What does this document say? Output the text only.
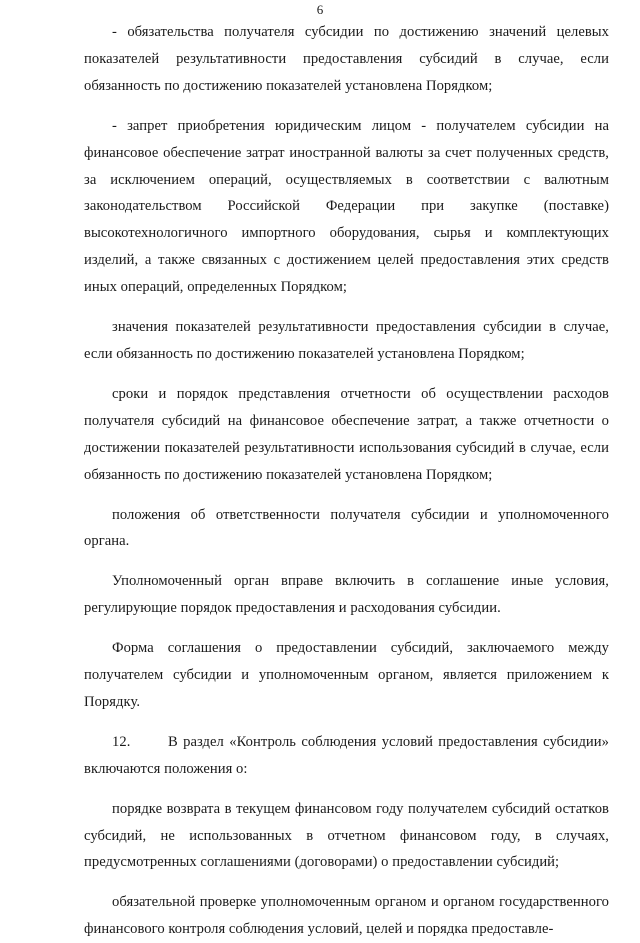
6

- обязательства получателя субсидии по достижению значений целевых показателей результативности предоставления субсидий в случае, если обязанность по достижению показателей установлена Порядком;

- запрет приобретения юридическим лицом - получателем субсидии на финансовое обеспечение затрат иностранной валюты за счет полученных средств, за исключением операций, осуществляемых в соответствии с валютным законодательством Российской Федерации при закупке (поставке) высокотехнологичного импортного оборудования, сырья и комплектующих изделий, а также связанных с достижением целей предоставления этих средств иных операций, определенных Порядком;

значения показателей результативности предоставления субсидии в случае, если обязанность по достижению показателей установлена Порядком;

сроки и порядок представления отчетности об осуществлении расходов получателя субсидий на финансовое обеспечение затрат, а также отчетности о достижении показателей результативности использования субсидий в случае, если обязанность по достижению показателей установлена Порядком;

положения об ответственности получателя субсидии и уполномоченного органа.

Уполномоченный орган вправе включить в соглашение иные условия, регулирующие порядок предоставления и расходования субсидии.

Форма соглашения о предоставлении субсидий, заключаемого между получателем субсидии и уполномоченным органом, является приложением к Порядку.

12.	В раздел «Контроль соблюдения условий предоставления субсидии» включаются положения о:

порядке возврата в текущем финансовом году получателем субсидий остатков субсидий, не использованных в отчетном финансовом году, в случаях, предусмотренных соглашениями (договорами) о предоставлении субсидий;

обязательной проверке уполномоченным органом и органом государственного финансового контроля соблюдения условий, целей и порядка предоставле-
